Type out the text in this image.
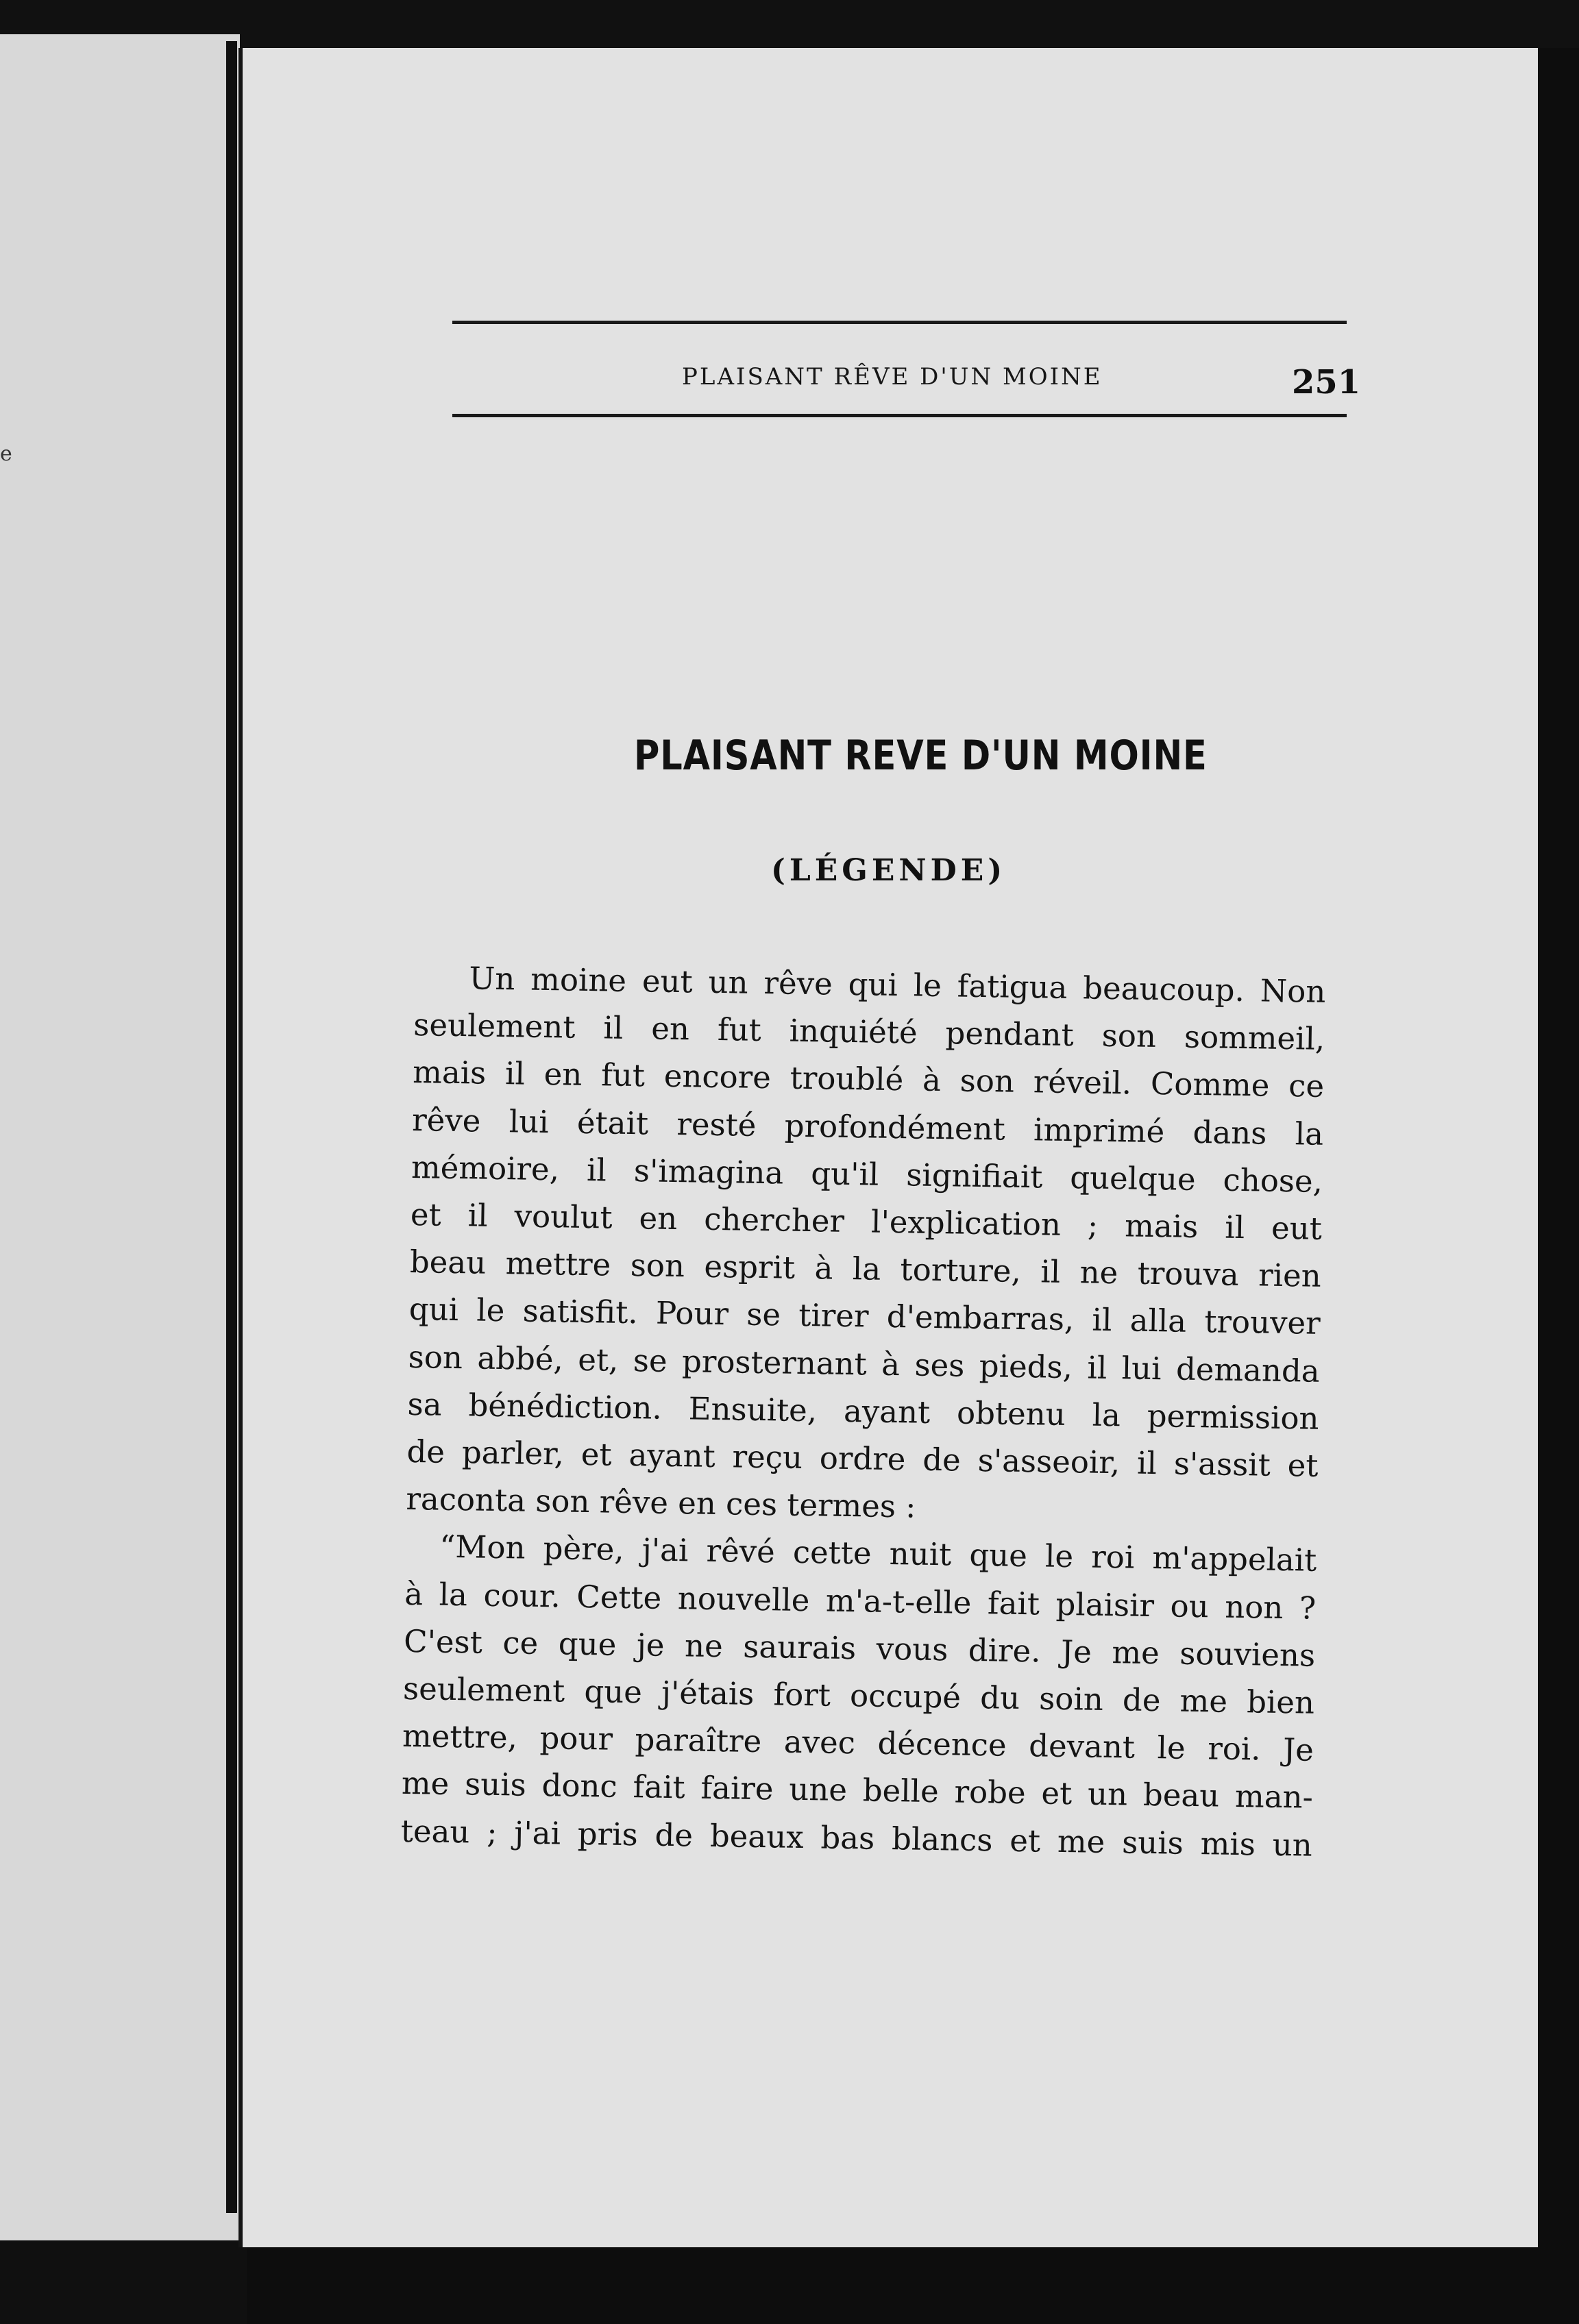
e
PLAISANT RÊVE D'UN MOINE	251
PLAISANT REVE D'UN MOINE
(LÉGENDE)
Un moine eut un rêve qui le fatigua beaucoup. Non
seulement il en fut inquiété pendant son sommeil,
mais il en fut encore troublé à son réveil. Comme ce
rêve lui était resté profondément imprimé dans la
mémoire, il s'imagina qu'il signifiait quelque chose,
et il voulut en chercher l'explication ; mais il eut
beau mettre son esprit à la torture, il ne trouva rien
qui le satisfit. Pour se tirer d'embarras, il alla trouver
son abbé, et, se prosternant à ses pieds, il lui demanda
sa bénédiction. Ensuite, ayant obtenu la permission
de parler, et ayant reçu ordre de s'asseoir, il s'assit et
raconta son rêve en ces termes :
“Mon père, j'ai rêvé cette nuit que le roi m'appelait
à la cour. Cette nouvelle m'a-t-elle fait plaisir ou non ?
C'est ce que je ne saurais vous dire. Je me souviens
seulement que j'étais fort occupé du soin de me bien
mettre, pour paraître avec décence devant le roi. Je
me suis donc fait faire une belle robe et un beau man-
teau ; j'ai pris de beaux bas blancs et me suis mis un
